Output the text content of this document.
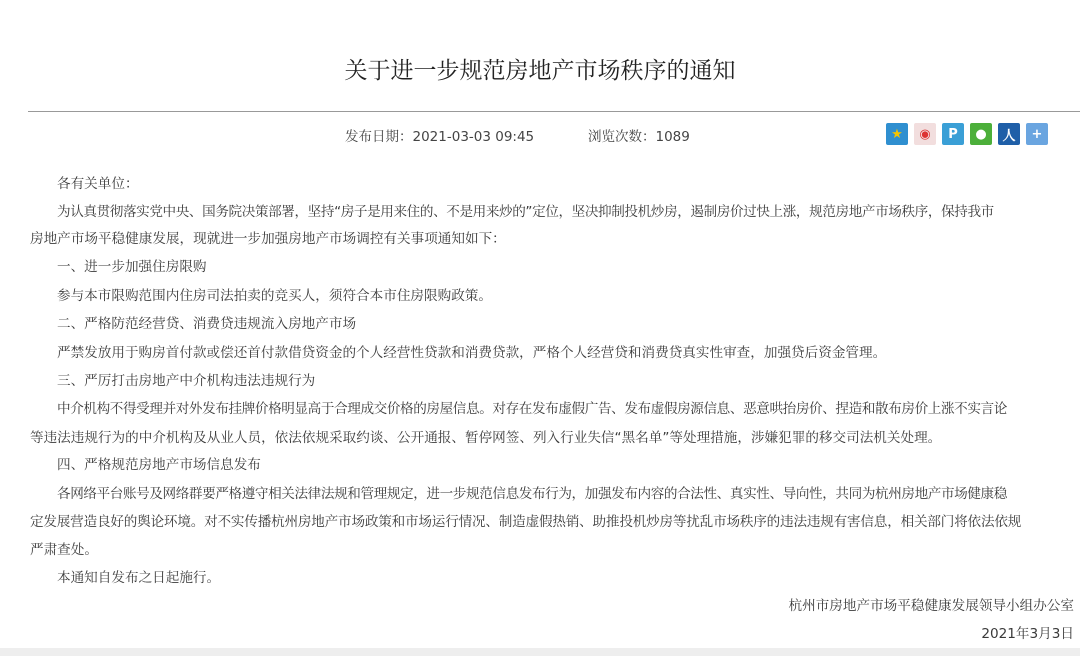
关于进一步规范房地产市场秩序的通知
发布日期：2021-03-03 09:45	浏览次数：1089	★	◉	P	●	人	+
各有关单位：
为认真贯彻落实党中央、国务院决策部署，坚持“房子是用来住的、不是用来炒的”定位，坚决抑制投机炒房，遏制房价过快上涨，规范房地产市场秩序，保持我市
房地产市场平稳健康发展，现就进一步加强房地产市场调控有关事项通知如下：
一、进一步加强住房限购
参与本市限购范围内住房司法拍卖的竞买人，须符合本市住房限购政策。
二、严格防范经营贷、消费贷违规流入房地产市场
严禁发放用于购房首付款或偿还首付款借贷资金的个人经营性贷款和消费贷款，严格个人经营贷和消费贷真实性审查，加强贷后资金管理。
三、严厉打击房地产中介机构违法违规行为
中介机构不得受理并对外发布挂牌价格明显高于合理成交价格的房屋信息。对存在发布虚假广告、发布虚假房源信息、恶意哄抬房价、捏造和散布房价上涨不实言论
等违法违规行为的中介机构及从业人员，依法依规采取约谈、公开通报、暂停网签、列入行业失信“黑名单”等处理措施，涉嫌犯罪的移交司法机关处理。
四、严格规范房地产市场信息发布
各网络平台账号及网络群要严格遵守相关法律法规和管理规定，进一步规范信息发布行为，加强发布内容的合法性、真实性、导向性，共同为杭州房地产市场健康稳
定发展营造良好的舆论环境。对不实传播杭州房地产市场政策和市场运行情况、制造虚假热销、助推投机炒房等扰乱市场秩序的违法违规有害信息，相关部门将依法依规
严肃查处。
本通知自发布之日起施行。
杭州市房地产市场平稳健康发展领导小组办公室
2021年3月3日
